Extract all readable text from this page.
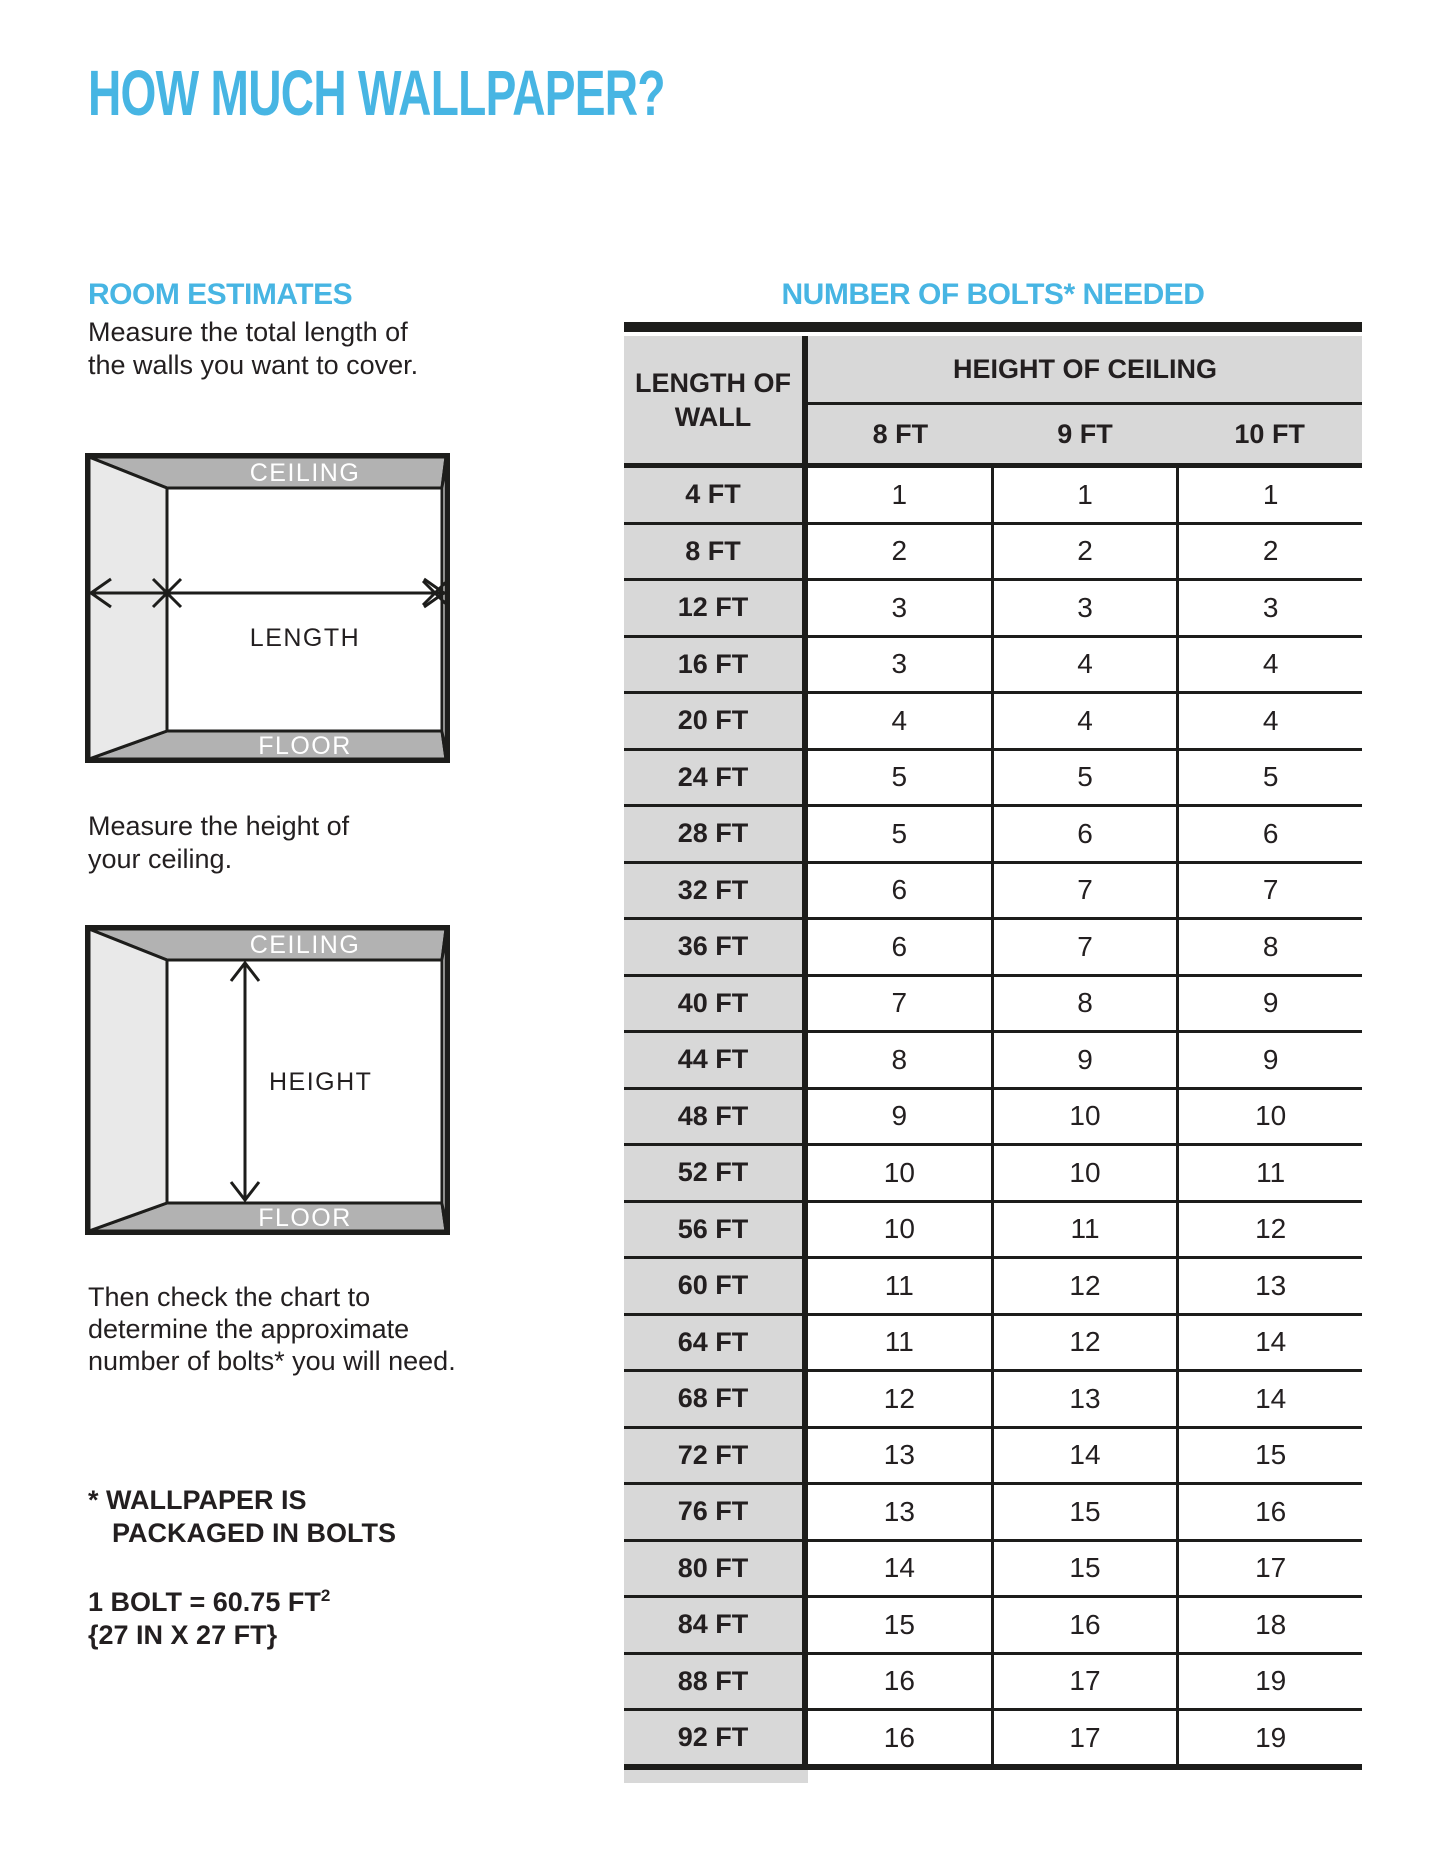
HOW MUCH WALLPAPER?
ROOM ESTIMATES	NUMBER OF BOLTS* NEEDED
Measure the total length of
the walls you want to cover.
CEILING
FLOOR
LENGTH
Measure the height of
your ceiling.
CEILING
FLOOR
HEIGHT
Then check the chart to
determine the approximate
number of bolts* you will need.
* WALLPAPER IS
PACKAGED IN BOLTS
1 BOLT = 60.75 $FT^2$
{27 IN X 27 FT}
LENGTH OF WALL
HEIGHT OF CEILING
8 FT	9 FT	10 FT
4 FT	1	1	1
8 FT	2	2	2
12 FT	3	3	3
16 FT	3	4	4
20 FT	4	4	4
24 FT	5	5	5
28 FT	5	6	6
32 FT	6	7	7
36 FT	6	7	8
40 FT	7	8	9
44 FT	8	9	9
48 FT	9	10	10
52 FT	10	10	11
56 FT	10	11	12
60 FT	11	12	13
64 FT	11	12	14
68 FT	12	13	14
72 FT	13	14	15
76 FT	13	15	16
80 FT	14	15	17
84 FT	15	16	18
88 FT	16	17	19
92 FT	16	17	19
